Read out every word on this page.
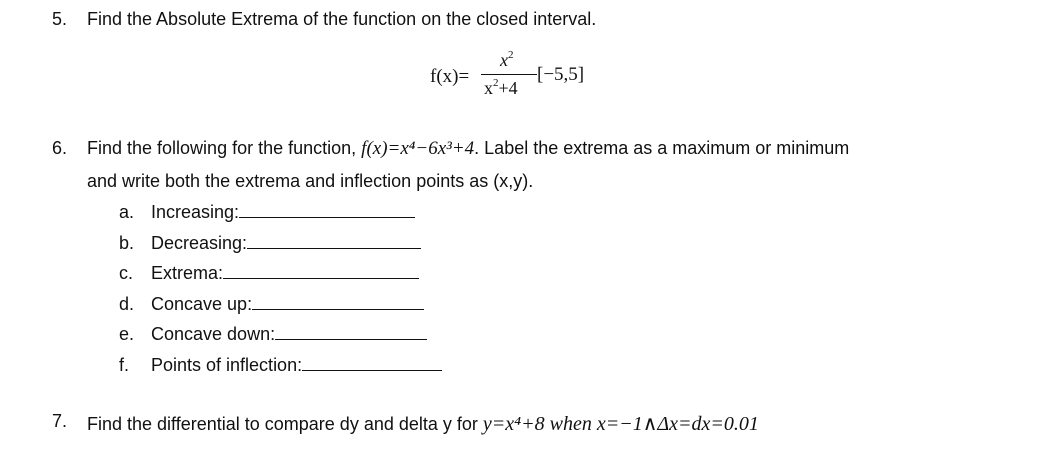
5. Find the Absolute Extrema of the function on the closed interval.
f(x)=
$x^2$
$x^2+4$
[−5,5]
6. Find the following for the function, f(x)=x⁴−6x³+4. Label the extrema as a maximum or minimum
and write both the extrema and inflection points as (x,y).
a. Increasing:
b. Decreasing:
c. Extrema:
d. Concave up:
e. Concave down:
f. Points of inflection:
7. Find the differential to compare dy and delta y for y=x⁴+8 when x=−1∧Δx=dx=0.01
